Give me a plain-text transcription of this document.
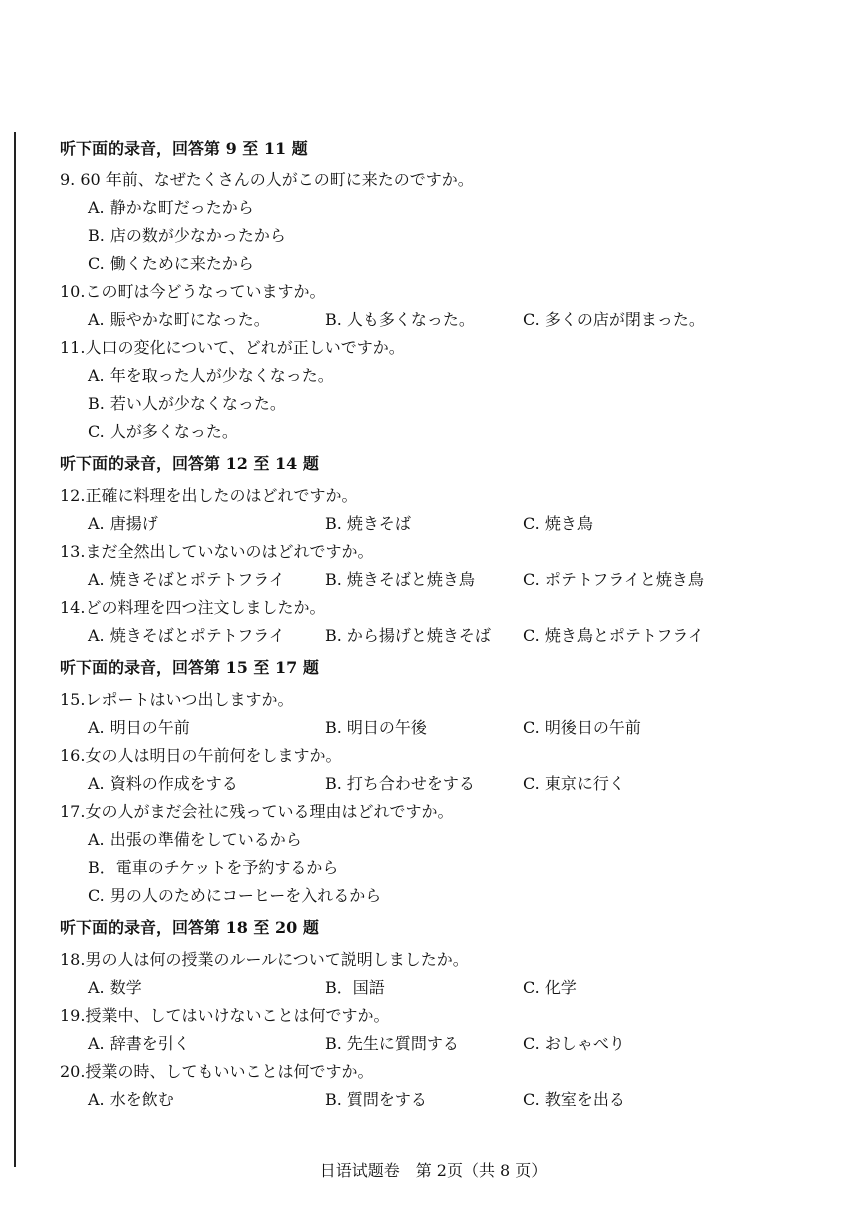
听下面的录音，回答第 9 至 11 题
9. 60 年前、なぜたくさんの人がこの町に来たのですか。
A. 静かな町だったから
B. 店の数が少なかったから
C. 働くために来たから
10.この町は今どうなっていますか。
A. 賑やかな町になった。	B. 人も多くなった。	C. 多くの店が閉まった。
11.人口の変化について、どれが正しいですか。
A. 年を取った人が少なくなった。
B. 若い人が少なくなった。
C. 人が多くなった。
听下面的录音，回答第 12 至 14 题
12.正確に料理を出したのはどれですか。
A. 唐揚げ	B. 焼きそば	C. 焼き鳥
13.まだ全然出していないのはどれですか。
A. 焼きそばとポテトフライ	B. 焼きそばと焼き鳥	C. ポテトフライと焼き鳥
14.どの料理を四つ注文しましたか。
A. 焼きそばとポテトフライ	B. から揚げと焼きそば C. 焼き鳥とポテトフライ
听下面的录音，回答第 15 至 17 题
15.レポートはいつ出しますか。
A. 明日の午前	B. 明日の午後	C. 明後日の午前
16.女の人は明日の午前何をしますか。
A. 資料の作成をする	B. 打ち合わせをする	C. 東京に行く
17.女の人がまだ会社に残っている理由はどれですか。
A. 出張の準備をしているから
B．電車のチケットを予約するから
C. 男の人のためにコーヒーを入れるから
听下面的录音，回答第 18 至 20 题
18.男の人は何の授業のルールについて説明しましたか。
A. 数学	B．国語	C. 化学
19.授業中、してはいけないことは何ですか。
A. 辞書を引く	B. 先生に質問する	C. おしゃべり
20.授業の時、してもいいことは何ですか。
A. 水を飲む	B. 質問をする	C. 教室を出る
日语试题卷　第 2页（共 8 页）
